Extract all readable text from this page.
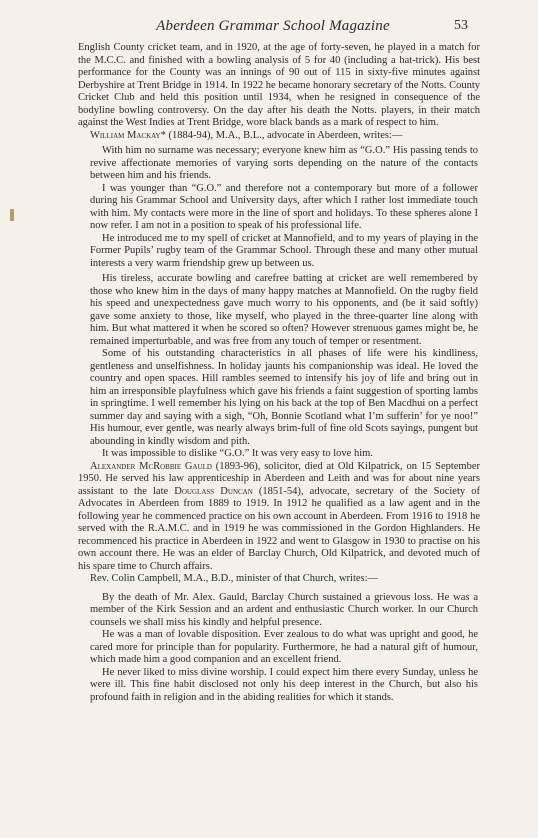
Aberdeen Grammar School Magazine	53

English County cricket team, and in 1920, at the age of forty-seven, he played in a match for the M.C.C. and finished with a bowling analysis of 5 for 40 (including a hat-trick). His best performance for the County was an innings of 90 out of 115 in sixty-five minutes against Derbyshire at Trent Bridge in 1914. In 1922 he became honorary secretary of the Notts. County Cricket Club and held this position until 1934, when he resigned in consequence of the bodyline bowling controversy. On the day after his death the Notts. players, in their match against the West Indies at Trent Bridge, wore black bands as a mark of respect to him.

William Mackay* (1884-94), M.A., B.L., advocate in Aberdeen, writes:—

With him no surname was necessary; everyone knew him as “G.O.” His passing tends to revive affectionate memories of varying sorts depending on the nature of the contacts between him and his friends.

I was younger than “G.O.” and therefore not a contemporary but more of a follower during his Grammar School and University days, after which I rather lost immediate touch with him. My contacts were more in the line of sport and holidays. To these spheres alone I now refer. I am not in a position to speak of his professional life.

He introduced me to my spell of cricket at Mannofield, and to my years of playing in the Former Pupils’ rugby team of the Grammar School. Through these and many other mutual interests a very warm friendship grew up between us.

His tireless, accurate bowling and carefree batting at cricket are well remembered by those who knew him in the days of many happy matches at Mannofield. On the rugby field his speed and unexpectedness gave much worry to his opponents, and (be it said softly) gave some anxiety to those, like myself, who played in the three-quarter line along with him. But what mattered it when he scored so often? However strenuous games might be, he remained imperturbable, and was free from any touch of temper or resentment.

Some of his outstanding characteristics in all phases of life were his kindliness, gentleness and unselfishness. In holiday jaunts his companionship was ideal. He loved the country and open spaces. Hill rambles seemed to intensify his joy of life and bring out in him an irresponsible playfulness which gave his friends a faint suggestion of sporting lambs in springtime. I well remember his lying on his back at the top of Ben Macdhui on a perfect summer day and saying with a sigh, “Oh, Bonnie Scotland what I’m sufferin’ for ye noo!” His humour, ever gentle, was nearly always brim-full of fine old Scots sayings, pungent but abounding in kindly wisdom and pith.

It was impossible to dislike “G.O.” It was very easy to love him.

Alexander McRobbie Gauld (1893-96), solicitor, died at Old Kilpatrick, on 15 September 1950. He served his law apprenticeship in Aberdeen and Leith and was for about nine years assistant to the late Douglass Duncan (1851-54), advocate, secretary of the Society of Advocates in Aberdeen from 1889 to 1919. In 1912 he qualified as a law agent and in the following year he commenced practice on his own account in Aberdeen. From 1916 to 1918 he served with the R.A.M.C. and in 1919 he was commissioned in the Gordon Highlanders. He recommenced his practice in Aberdeen in 1922 and went to Glasgow in 1930 to practise on his own account there. He was an elder of Barclay Church, Old Kilpatrick, and devoted much of his spare time to Church affairs.

Rev. Colin Campbell, M.A., B.D., minister of that Church, writes:—

By the death of Mr. Alex. Gauld, Barclay Church sustained a grievous loss. He was a member of the Kirk Session and an ardent and enthusiastic Church worker. In our Church counsels we shall miss his kindly and helpful presence.

He was a man of lovable disposition. Ever zealous to do what was upright and good, he cared more for principle than for popularity. Furthermore, he had a natural gift of humour, which made him a good companion and an excellent friend.

He never liked to miss divine worship. I could expect him there every Sunday, unless he were ill. This fine habit disclosed not only his deep interest in the Church, but also his profound faith in religion and in the abiding realities for which it stands.
